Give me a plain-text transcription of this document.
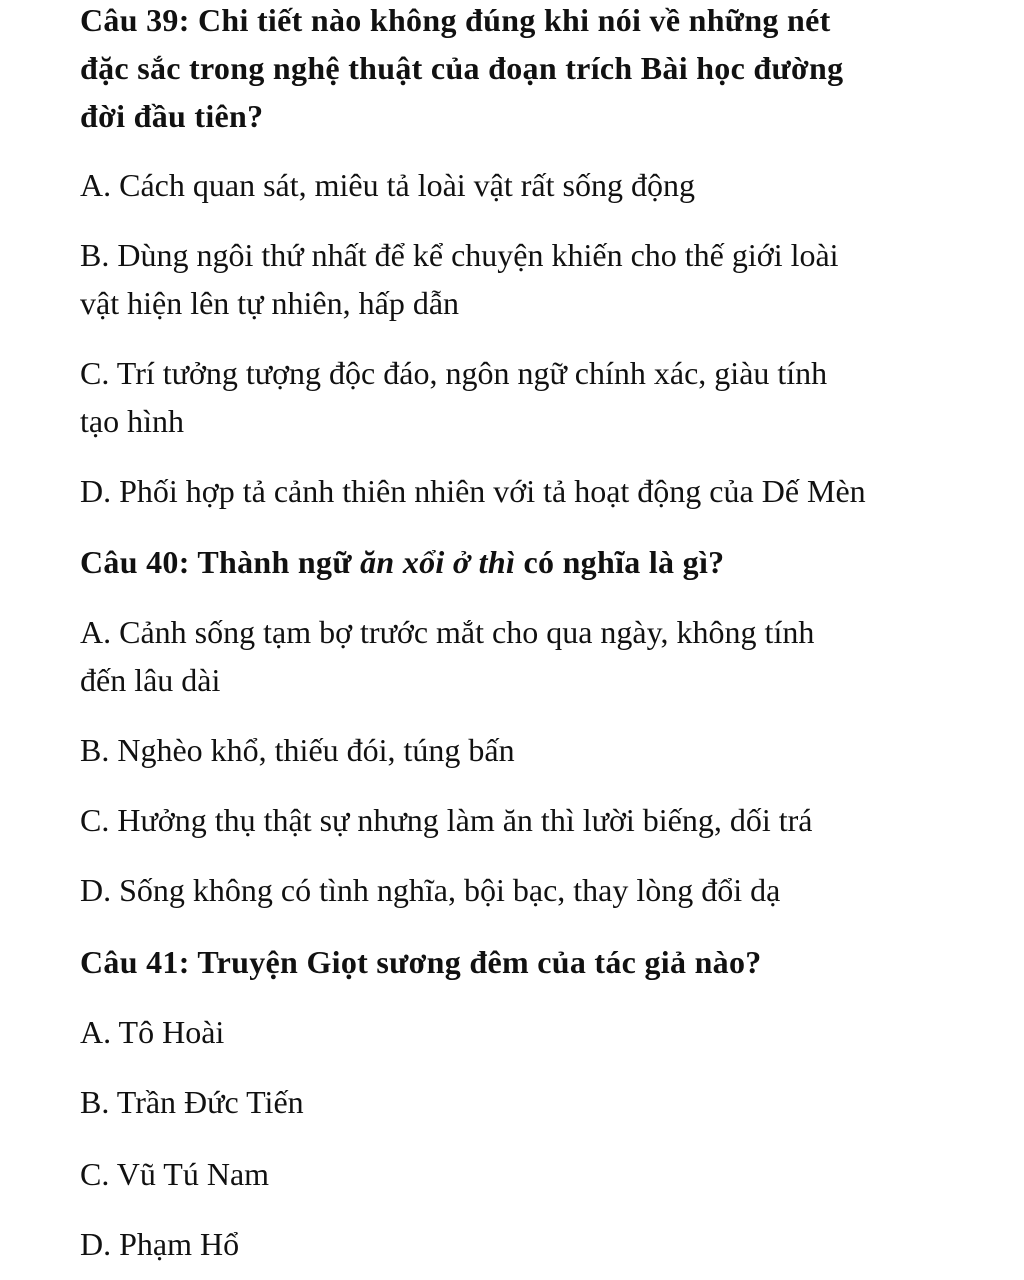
Câu 39: Chi tiết nào không đúng khi nói về những nét
đặc sắc trong nghệ thuật của đoạn trích Bài học đường
đời đầu tiên?
A. Cách quan sát, miêu tả loài vật rất sống động
B. Dùng ngôi thứ nhất để kể chuyện khiến cho thế giới loài
vật hiện lên tự nhiên, hấp dẫn
C. Trí tưởng tượng độc đáo, ngôn ngữ chính xác, giàu tính
tạo hình
D. Phối hợp tả cảnh thiên nhiên với tả hoạt động của Dế Mèn
Câu 40: Thành ngữ ăn xổi ở thì có nghĩa là gì?
A. Cảnh sống tạm bợ trước mắt cho qua ngày, không tính
đến lâu dài
B. Nghèo khổ, thiếu đói, túng bấn
C. Hưởng thụ thật sự nhưng làm ăn thì lười biếng, dối trá
D. Sống không có tình nghĩa, bội bạc, thay lòng đổi dạ
Câu 41: Truyện Giọt sương đêm của tác giả nào?
A. Tô Hoài
B. Trần Đức Tiến
C. Vũ Tú Nam
D. Phạm Hổ
